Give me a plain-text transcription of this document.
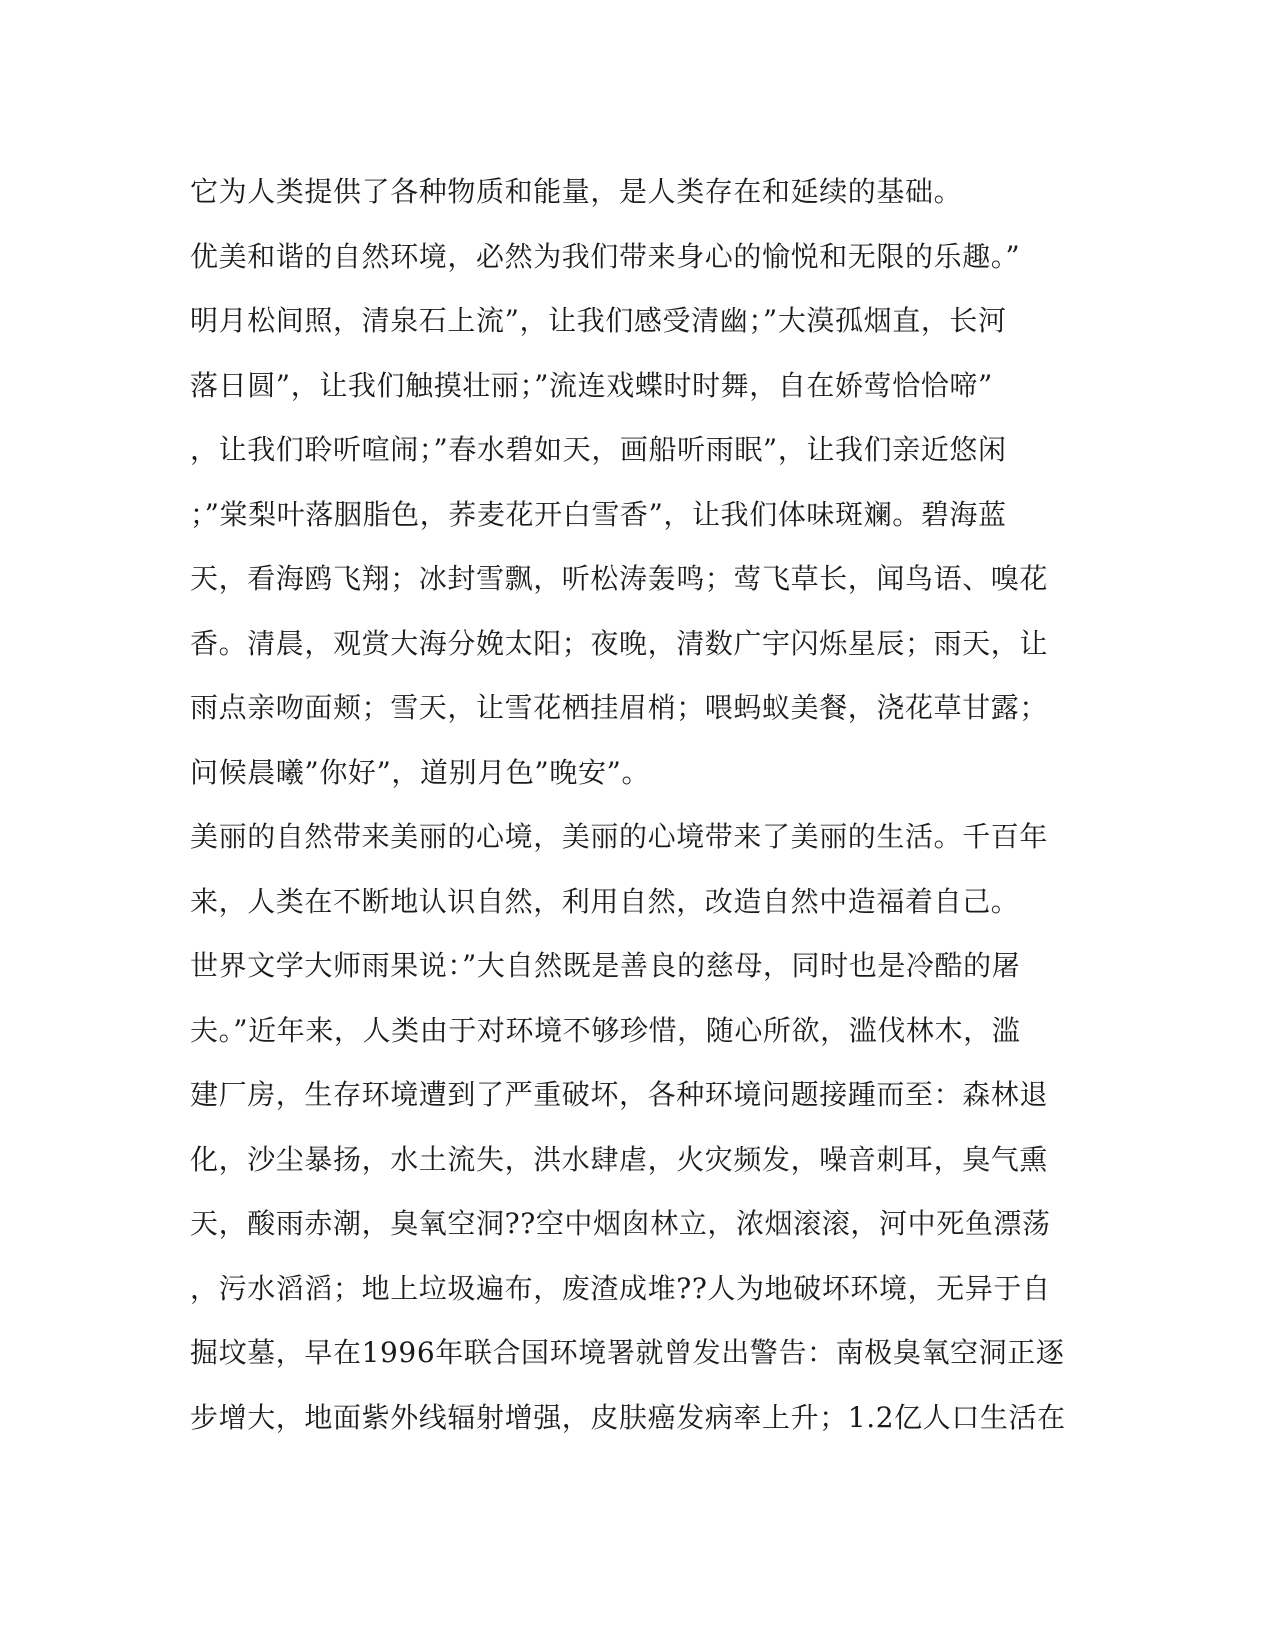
它为人类提供了各种物质和能量，是人类存在和延续的基础。
优美和谐的自然环境，必然为我们带来身心的愉悦和无限的乐趣。”
明月松间照，清泉石上流”，让我们感受清幽；”大漠孤烟直，长河
落日圆”，让我们触摸壮丽；”流连戏蝶时时舞，自在娇莺恰恰啼”
，让我们聆听喧闹；”春水碧如天，画船听雨眠”，让我们亲近悠闲
；”棠梨叶落胭脂色，荞麦花开白雪香”，让我们体味斑斓。碧海蓝
天，看海鸥飞翔；冰封雪飘，听松涛轰鸣；莺飞草长，闻鸟语、嗅花
香。清晨，观赏大海分娩太阳；夜晚，清数广宇闪烁星辰；雨天，让
雨点亲吻面颊；雪天，让雪花栖挂眉梢；喂蚂蚁美餐，浇花草甘露；
问候晨曦”你好”，道别月色”晚安”。
美丽的自然带来美丽的心境，美丽的心境带来了美丽的生活。千百年
来，人类在不断地认识自然，利用自然，改造自然中造福着自己。
世界文学大师雨果说：”大自然既是善良的慈母，同时也是冷酷的屠
夫。”近年来，人类由于对环境不够珍惜，随心所欲，滥伐林木，滥
建厂房，生存环境遭到了严重破坏，各种环境问题接踵而至：森林退
化，沙尘暴扬，水土流失，洪水肆虐，火灾频发，噪音刺耳，臭气熏
天，酸雨赤潮，臭氧空洞??空中烟囱林立，浓烟滚滚，河中死鱼漂荡
，污水滔滔；地上垃圾遍布，废渣成堆??人为地破坏环境，无异于自
掘坟墓，早在1996年联合国环境署就曾发出警告：南极臭氧空洞正逐
步增大，地面紫外线辐射增强，皮肤癌发病率上升；1.2亿人口生活在
